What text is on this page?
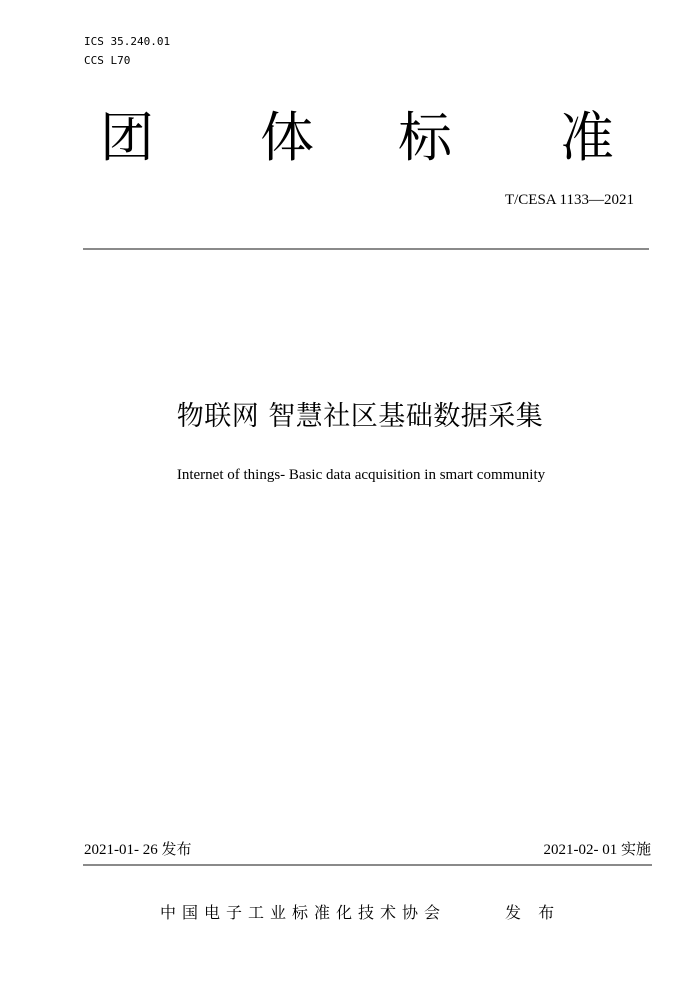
ICS 35.240.01
CCS L70
团 体 标 准
T/CESA 1133—2021
物联网 智慧社区基础数据采集
Internet of things- Basic data acquisition in smart community
2021-01- 26 发布	2021-02- 01 实施
中国电子工业标准化技术协会	发 布
